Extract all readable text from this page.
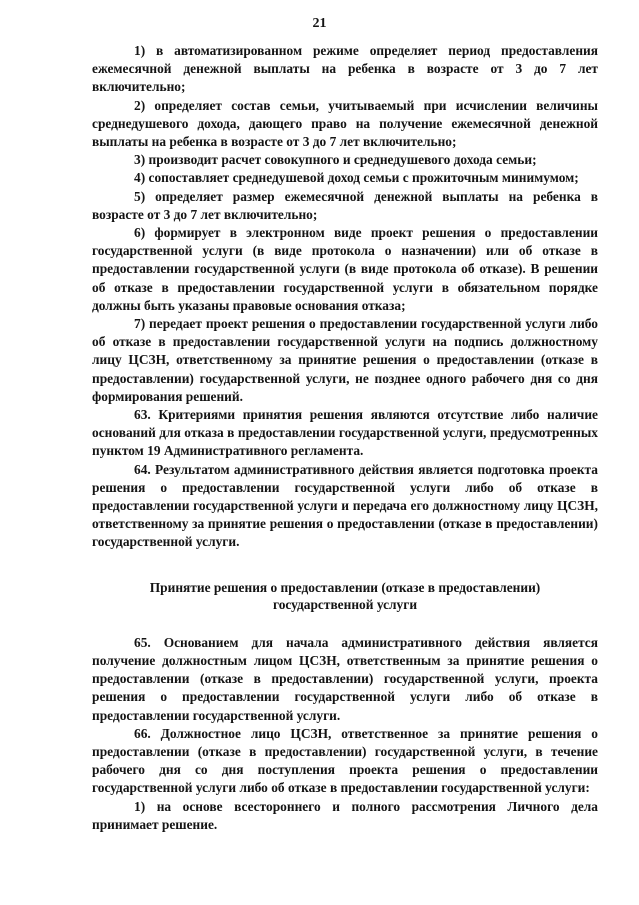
21

1) в автоматизированном режиме определяет период предоставления ежемесячной денежной выплаты на ребенка в возрасте от 3 до 7 лет включительно;

2) определяет состав семьи, учитываемый при исчислении величины среднедушевого дохода, дающего право на получение ежемесячной денежной выплаты на ребенка в возрасте от 3 до 7 лет включительно;

3) производит расчет совокупного и среднедушевого дохода семьи;

4) сопоставляет среднедушевой доход семьи с прожиточным минимумом;

5) определяет размер ежемесячной денежной выплаты на ребенка в возрасте от 3 до 7 лет включительно;

6) формирует в электронном виде проект решения о предоставлении государственной услуги (в виде протокола о назначении) или об отказе в предоставлении государственной услуги (в виде протокола об отказе). В решении об отказе в предоставлении государственной услуги в обязательном порядке должны быть указаны правовые основания отказа;

7) передает проект решения о предоставлении государственной услуги либо об отказе в предоставлении государственной услуги на подпись должностному лицу ЦСЗН, ответственному за принятие решения о предоставлении (отказе в предоставлении) государственной услуги, не позднее одного рабочего дня со дня формирования решений.

63. Критериями принятия решения являются отсутствие либо наличие оснований для отказа в предоставлении государственной услуги, предусмотренных пунктом 19 Административного регламента.

64. Результатом административного действия является подготовка проекта решения о предоставлении государственной услуги либо об отказе в предоставлении государственной услуги и передача его должностному лицу ЦСЗН, ответственному за принятие решения о предоставлении (отказе в предоставлении) государственной услуги.

Принятие решения о предоставлении (отказе в предоставлении) государственной услуги

65. Основанием для начала административного действия является получение должностным лицом ЦСЗН, ответственным за принятие решения о предоставлении (отказе в предоставлении) государственной услуги, проекта решения о предоставлении государственной услуги либо об отказе в предоставлении государственной услуги.

66. Должностное лицо ЦСЗН, ответственное за принятие решения о предоставлении (отказе в предоставлении) государственной услуги, в течение рабочего дня со дня поступления проекта решения о предоставлении государственной услуги либо об отказе в предоставлении государственной услуги:

1) на основе всестороннего и полного рассмотрения Личного дела принимает решение.
